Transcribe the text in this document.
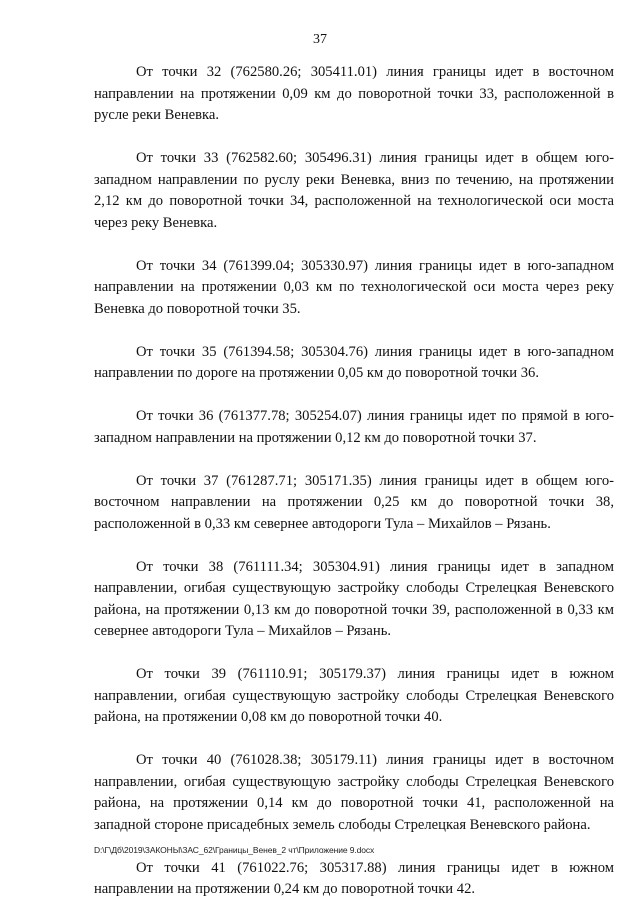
37

От точки 32 (762580.26; 305411.01) линия границы идет в восточном направлении на протяжении 0,09 км до поворотной точки 33, расположенной в русле реки Веневка.

От точки 33 (762582.60; 305496.31) линия границы идет в общем юго-западном направлении по руслу реки Веневка, вниз по течению, на протяжении 2,12 км до поворотной точки 34, расположенной на технологической оси моста через реку Веневка.

От точки 34 (761399.04; 305330.97) линия границы идет в юго-западном направлении на протяжении 0,03 км по технологической оси моста через реку Веневка до поворотной точки 35.

От точки 35 (761394.58; 305304.76) линия границы идет в юго-западном направлении по дороге на протяжении 0,05 км до поворотной точки 36.

От точки 36 (761377.78; 305254.07) линия границы идет по прямой в юго-западном направлении на протяжении 0,12 км до поворотной точки 37.

От точки 37 (761287.71; 305171.35) линия границы идет в общем юго-восточном направлении на протяжении 0,25 км до поворотной точки 38, расположенной в 0,33 км севернее автодороги Тула – Михайлов – Рязань.

От точки 38 (761111.34; 305304.91) линия границы идет в западном направлении, огибая существующую застройку слободы Стрелецкая Веневского района, на протяжении 0,13 км до поворотной точки 39, расположенной в 0,33 км севернее автодороги Тула – Михайлов – Рязань.

От точки 39 (761110.91; 305179.37) линия границы идет в южном направлении, огибая существующую застройку слободы Стрелецкая Веневского района, на протяжении 0,08 км до поворотной точки 40.

От точки 40 (761028.38; 305179.11) линия границы идет в восточном направлении, огибая существующую застройку слободы Стрелецкая Веневского района, на протяжении 0,14 км до поворотной точки 41, расположенной на западной стороне присадебных земель слободы Стрелецкая Веневского района.

От точки 41 (761022.76; 305317.88) линия границы идет в южном направлении на протяжении 0,24 км до поворотной точки 42.

D:\Г\Дб\2019\ЗАКОНЫ\ЗАС_62\Границы_Венев_2 чт\Приложение 9.docx
